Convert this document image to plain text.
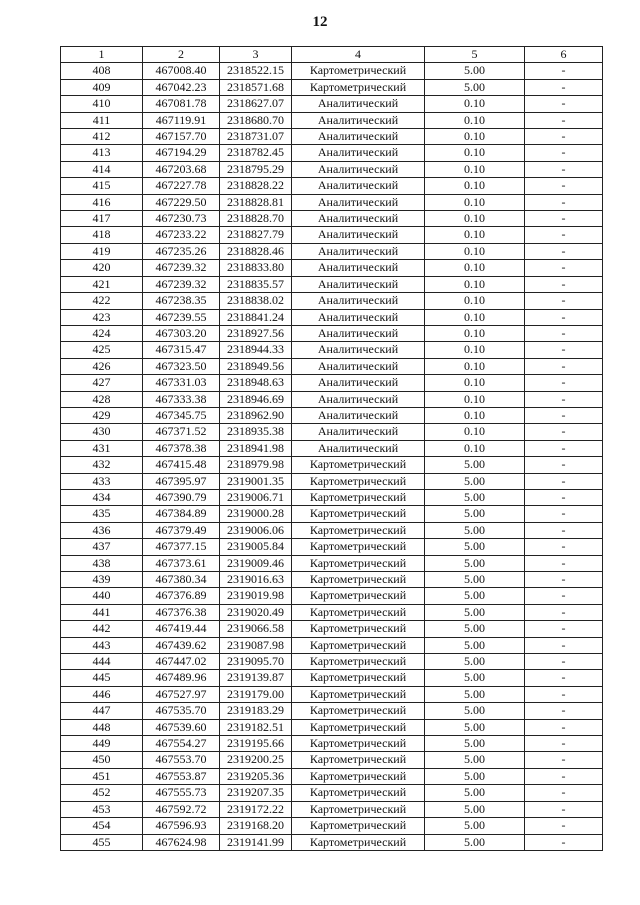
12
1	2	3	4	5	6
408	467008.40	2318522.15	Картометрический	5.00	-
409	467042.23	2318571.68	Картометрический	5.00	-
410	467081.78	2318627.07	Аналитический	0.10	-
411	467119.91	2318680.70	Аналитический	0.10	-
412	467157.70	2318731.07	Аналитический	0.10	-
413	467194.29	2318782.45	Аналитический	0.10	-
414	467203.68	2318795.29	Аналитический	0.10	-
415	467227.78	2318828.22	Аналитический	0.10	-
416	467229.50	2318828.81	Аналитический	0.10	-
417	467230.73	2318828.70	Аналитический	0.10	-
418	467233.22	2318827.79	Аналитический	0.10	-
419	467235.26	2318828.46	Аналитический	0.10	-
420	467239.32	2318833.80	Аналитический	0.10	-
421	467239.32	2318835.57	Аналитический	0.10	-
422	467238.35	2318838.02	Аналитический	0.10	-
423	467239.55	2318841.24	Аналитический	0.10	-
424	467303.20	2318927.56	Аналитический	0.10	-
425	467315.47	2318944.33	Аналитический	0.10	-
426	467323.50	2318949.56	Аналитический	0.10	-
427	467331.03	2318948.63	Аналитический	0.10	-
428	467333.38	2318946.69	Аналитический	0.10	-
429	467345.75	2318962.90	Аналитический	0.10	-
430	467371.52	2318935.38	Аналитический	0.10	-
431	467378.38	2318941.98	Аналитический	0.10	-
432	467415.48	2318979.98	Картометрический	5.00	-
433	467395.97	2319001.35	Картометрический	5.00	-
434	467390.79	2319006.71	Картометрический	5.00	-
435	467384.89	2319000.28	Картометрический	5.00	-
436	467379.49	2319006.06	Картометрический	5.00	-
437	467377.15	2319005.84	Картометрический	5.00	-
438	467373.61	2319009.46	Картометрический	5.00	-
439	467380.34	2319016.63	Картометрический	5.00	-
440	467376.89	2319019.98	Картометрический	5.00	-
441	467376.38	2319020.49	Картометрический	5.00	-
442	467419.44	2319066.58	Картометрический	5.00	-
443	467439.62	2319087.98	Картометрический	5.00	-
444	467447.02	2319095.70	Картометрический	5.00	-
445	467489.96	2319139.87	Картометрический	5.00	-
446	467527.97	2319179.00	Картометрический	5.00	-
447	467535.70	2319183.29	Картометрический	5.00	-
448	467539.60	2319182.51	Картометрический	5.00	-
449	467554.27	2319195.66	Картометрический	5.00	-
450	467553.70	2319200.25	Картометрический	5.00	-
451	467553.87	2319205.36	Картометрический	5.00	-
452	467555.73	2319207.35	Картометрический	5.00	-
453	467592.72	2319172.22	Картометрический	5.00	-
454	467596.93	2319168.20	Картометрический	5.00	-
455	467624.98	2319141.99	Картометрический	5.00	-
